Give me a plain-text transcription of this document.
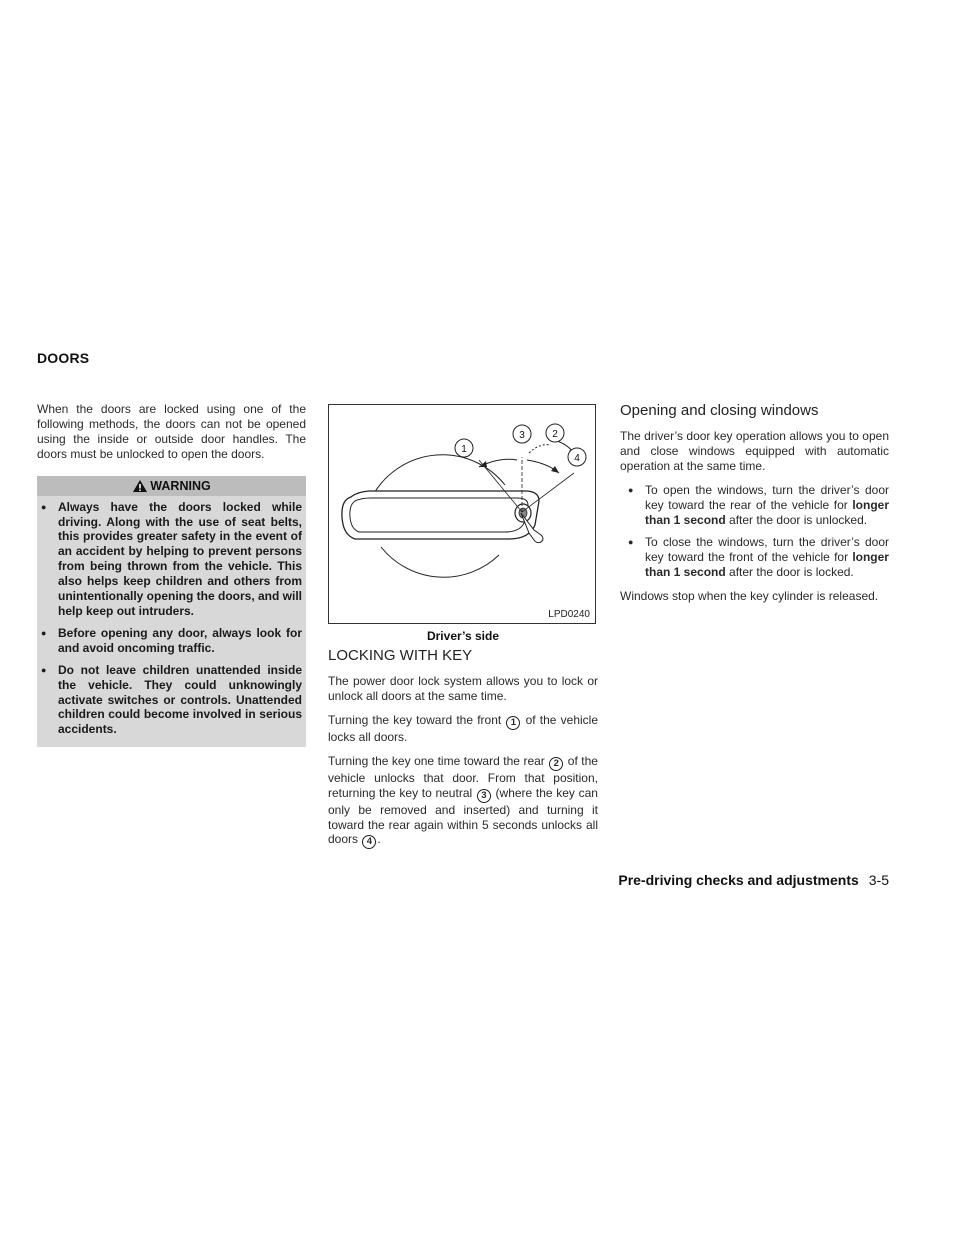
DOORS

When the doors are locked using one of the following methods, the doors can not be opened using the inside or outside door handles. The doors must be unlocked to open the doors.

WARNING
● Always have the doors locked while driving. Along with the use of seat belts, this provides greater safety in the event of an accident by helping to prevent persons from being thrown from the vehicle. This also helps keep children and others from unintentionally opening the doors, and will help keep out intruders.
● Before opening any door, always look for and avoid oncoming traffic.
● Do not leave children unattended inside the vehicle. They could unknowingly activate switches or controls. Unattended children could become involved in serious accidents.
1
2
3
4
LPD0240
Driver’s side
LOCKING WITH KEY

The power door lock system allows you to lock or unlock all doors at the same time.

Turning the key toward the front 1 of the vehicle locks all doors.

Turning the key one time toward the rear 2 of the vehicle unlocks that door. From that position, returning the key to neutral 3 (where the key can only be removed and inserted) and turning it toward the rear again within 5 seconds unlocks all doors 4 .

Opening and closing windows

The driver’s door key operation allows you to open and close windows equipped with automatic operation at the same time.

● To open the windows, turn the driver’s door key toward the rear of the vehicle for longer than 1 second after the door is unlocked.
● To close the windows, turn the driver’s door key toward the front of the vehicle for longer than 1 second after the door is locked.

Windows stop when the key cylinder is released.

Pre-driving checks and adjustments 3-5
